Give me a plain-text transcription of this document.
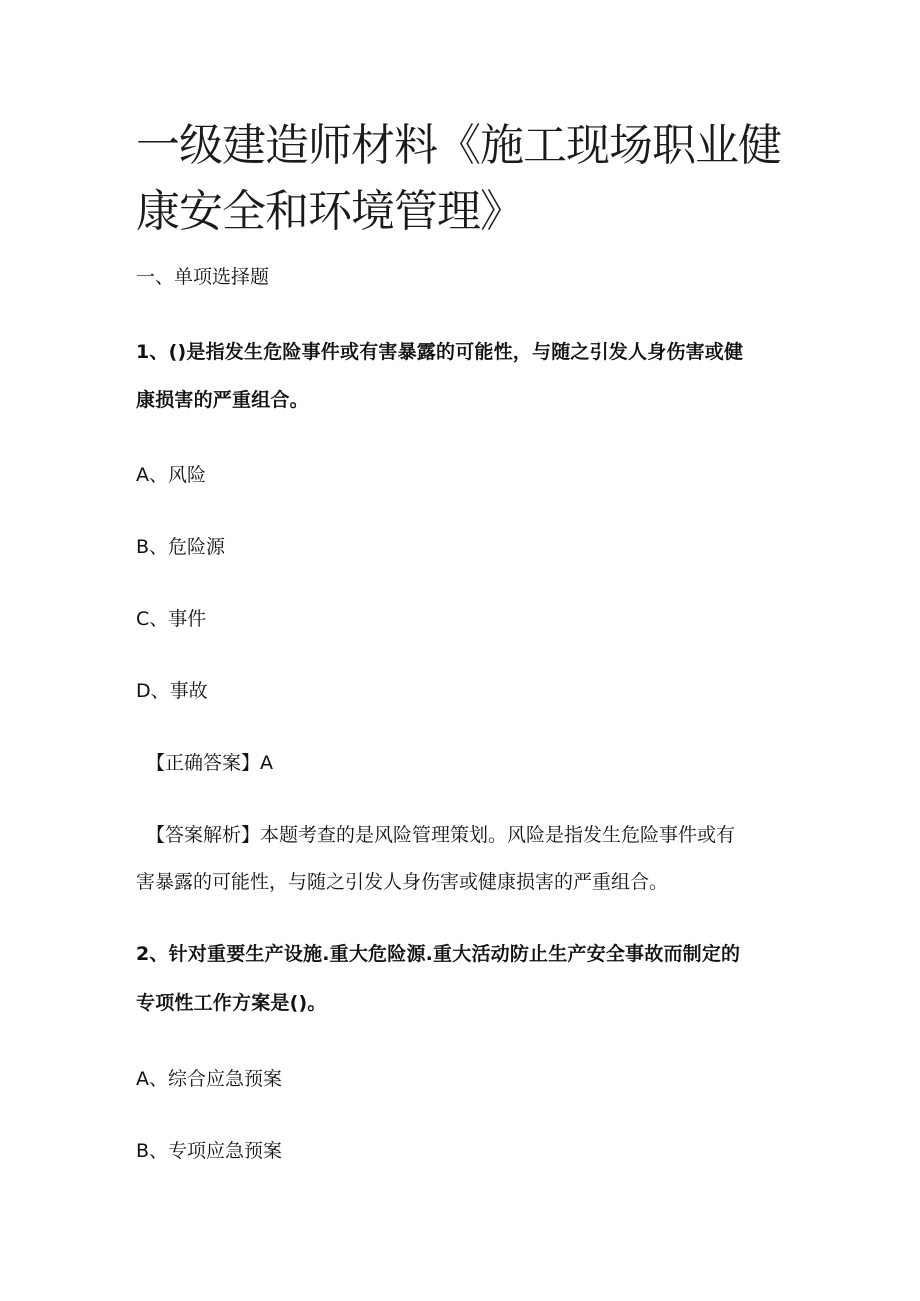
一级建造师材料《施工现场职业健
康安全和环境管理》
一、单项选择题
1、()是指发生危险事件或有害暴露的可能性，与随之引发人身伤害或健
康损害的严重组合。
A、风险
B、危险源
C、事件
D、事故
【正确答案】A
【答案解析】本题考查的是风险管理策划。风险是指发生危险事件或有
害暴露的可能性，与随之引发人身伤害或健康损害的严重组合。
2、针对重要生产设施.重大危险源.重大活动防止生产安全事故而制定的
专项性工作方案是()。
A、综合应急预案
B、专项应急预案
